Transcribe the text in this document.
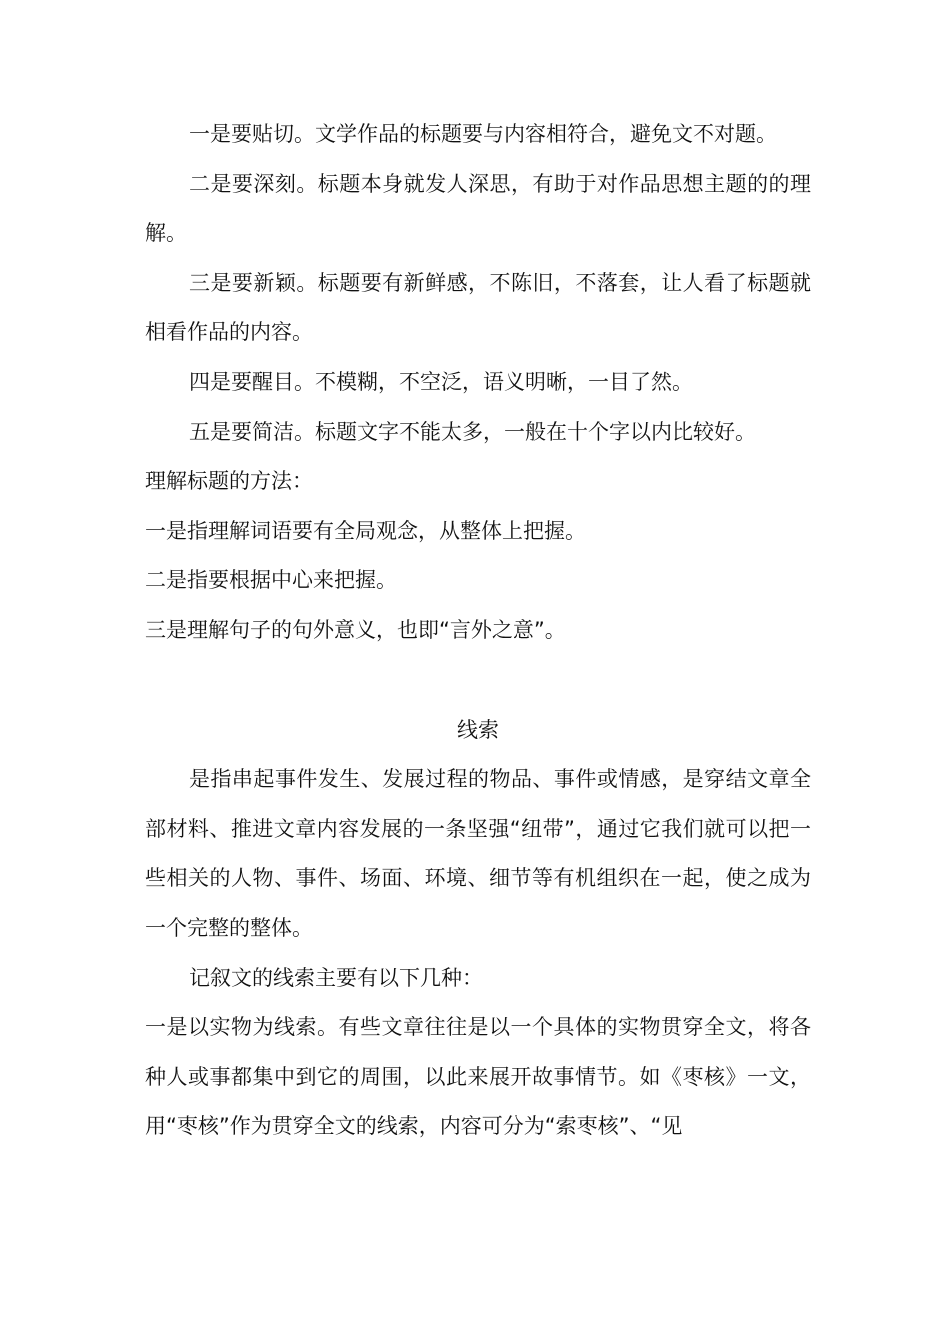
一是要贴切。文学作品的标题要与内容相符合，避免文不对题。

二是要深刻。标题本身就发人深思，有助于对作品思想主题的的理解。

三是要新颖。标题要有新鲜感，不陈旧，不落套，让人看了标题就相看作品的内容。

四是要醒目。不模糊，不空泛，语义明晰，一目了然。

五是要简洁。标题文字不能太多，一般在十个字以内比较好。

理解标题的方法：

一是指理解词语要有全局观念，从整体上把握。

二是指要根据中心来把握。

三是理解句子的句外意义，也即“言外之意”。

线索

是指串起事件发生、发展过程的物品、事件或情感，是穿结文章全部材料、推进文章内容发展的一条坚强“纽带”，通过它我们就可以把一些相关的人物、事件、场面、环境、细节等有机组织在一起，使之成为一个完整的整体。

记叙文的线索主要有以下几种：

一是以实物为线索。有些文章往往是以一个具体的实物贯穿全文，将各种人或事都集中到它的周围，以此来展开故事情节。如《枣核》一文，用“枣核”作为贯穿全文的线索，内容可分为“索枣核”、“见
